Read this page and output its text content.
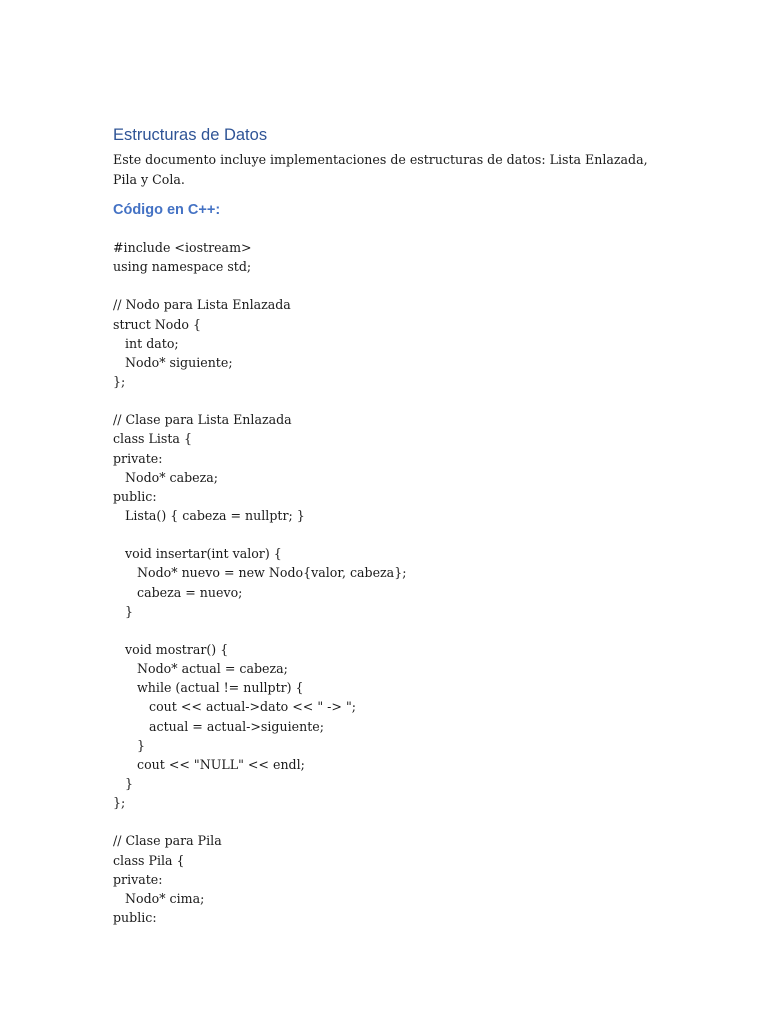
Estructuras de Datos

Este documento incluye implementaciones de estructuras de datos: Lista Enlazada, Pila y Cola.

Código en C++:
#include <iostream>
using namespace std;
// Nodo para Lista Enlazada
struct Nodo {
int dato;
Nodo* siguiente;
};
// Clase para Lista Enlazada
class Lista {
private:
Nodo* cabeza;
public:
Lista() { cabeza = nullptr; }
void insertar(int valor) {
Nodo* nuevo = new Nodo{valor, cabeza};
cabeza = nuevo;
}
void mostrar() {
Nodo* actual = cabeza;
while (actual != nullptr) {
cout << actual->dato << " -> ";
actual = actual->siguiente;
}
cout << "NULL" << endl;
}
};
// Clase para Pila
class Pila {
private:
Nodo* cima;
public:
